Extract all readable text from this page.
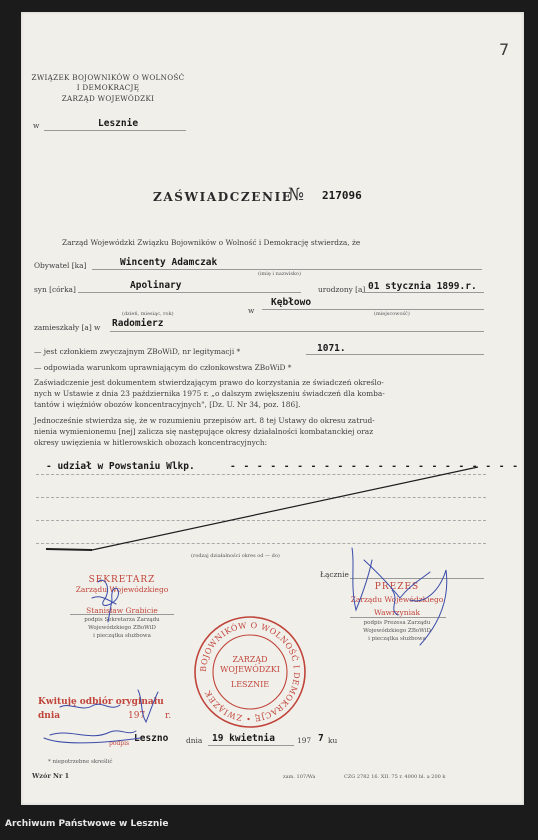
7
ZWIĄZEK BOJOWNIKÓW O WOLNOŚĆ
I DEMOKRACJĘ
ZARZĄD WOJEWÓDZKI
w	Lesznie
ZAŚWIADCZENIE
№ 217096
Zarząd Wojewódzki Związku Bojowników o Wolność i Demokrację stwierdza, że
Obywatel [ka]	Wincenty Adamczak
(imię i nazwisko)
syn [córka]	Apolinary	urodzony [a] 01 stycznia 1899.r.
(dzień, miesiąc, rok)	w
Kębłowo
(miejscowość)
zamieszkały [a] w Radomierz
— jest członkiem zwyczajnym ZBoWiD, nr legitymacji *	1071.
— odpowiada warunkom uprawniającym do członkowstwa ZBoWiD *
Zaświadczenie jest dokumentem stwierdzającym prawo do korzystania ze świadczeń określo-
nych w Ustawie z dnia 23 października 1975 r. „o dalszym zwiększeniu świadczeń dla komba-
tantów i więźniów obozów koncentracyjnych", [Dz. U. Nr 34, poz. 186].
Jednocześnie stwierdza się, że w rozumieniu przepisów art. 8 tej Ustawy do okresu zatrud-
nienia wymienionemu [nej] zalicza się następujące okresy działalności kombatanckiej oraz
okresy uwięzienia w hitlerowskich obozach koncentracyjnych:
- udział w Powstaniu Wlkp.	- - - - - - - - - - - - - - - - - - - - - -
(rodzaj działalności okres od — do)
Łącznie
SEKRETARZ
Zarządu Wojewódzkiego
Stanisław Grabicie
podpis Sekretarza Zarządu
Wojewódzkiego ZBoWiD
i pieczątka służbowa
PREZES
Zarządu Wojewódzkiego
Wawrzyniak
podpis Prezesa Zarządu
Wojewódzkiego ZBoWiD
i pieczątka służbowa
BOJOWNIKÓW O WOLNOŚĆ I DEMOKRACJĘ • ZWIĄZEK
ZARZĄD
WOJEWÓDZKI
LESZNIE
Kwituję odbiór oryginału
dnia	197 r.
podpis Leszno dnia 19 kwietnia	197 7 ku
* niepotrzebne skreślić
Wzór Nr 1	zam. 107/Wa	CZG 2782 16. XII. 75 r. 4000 bl. a 200 k
Archiwum Państwowe w Lesznie
